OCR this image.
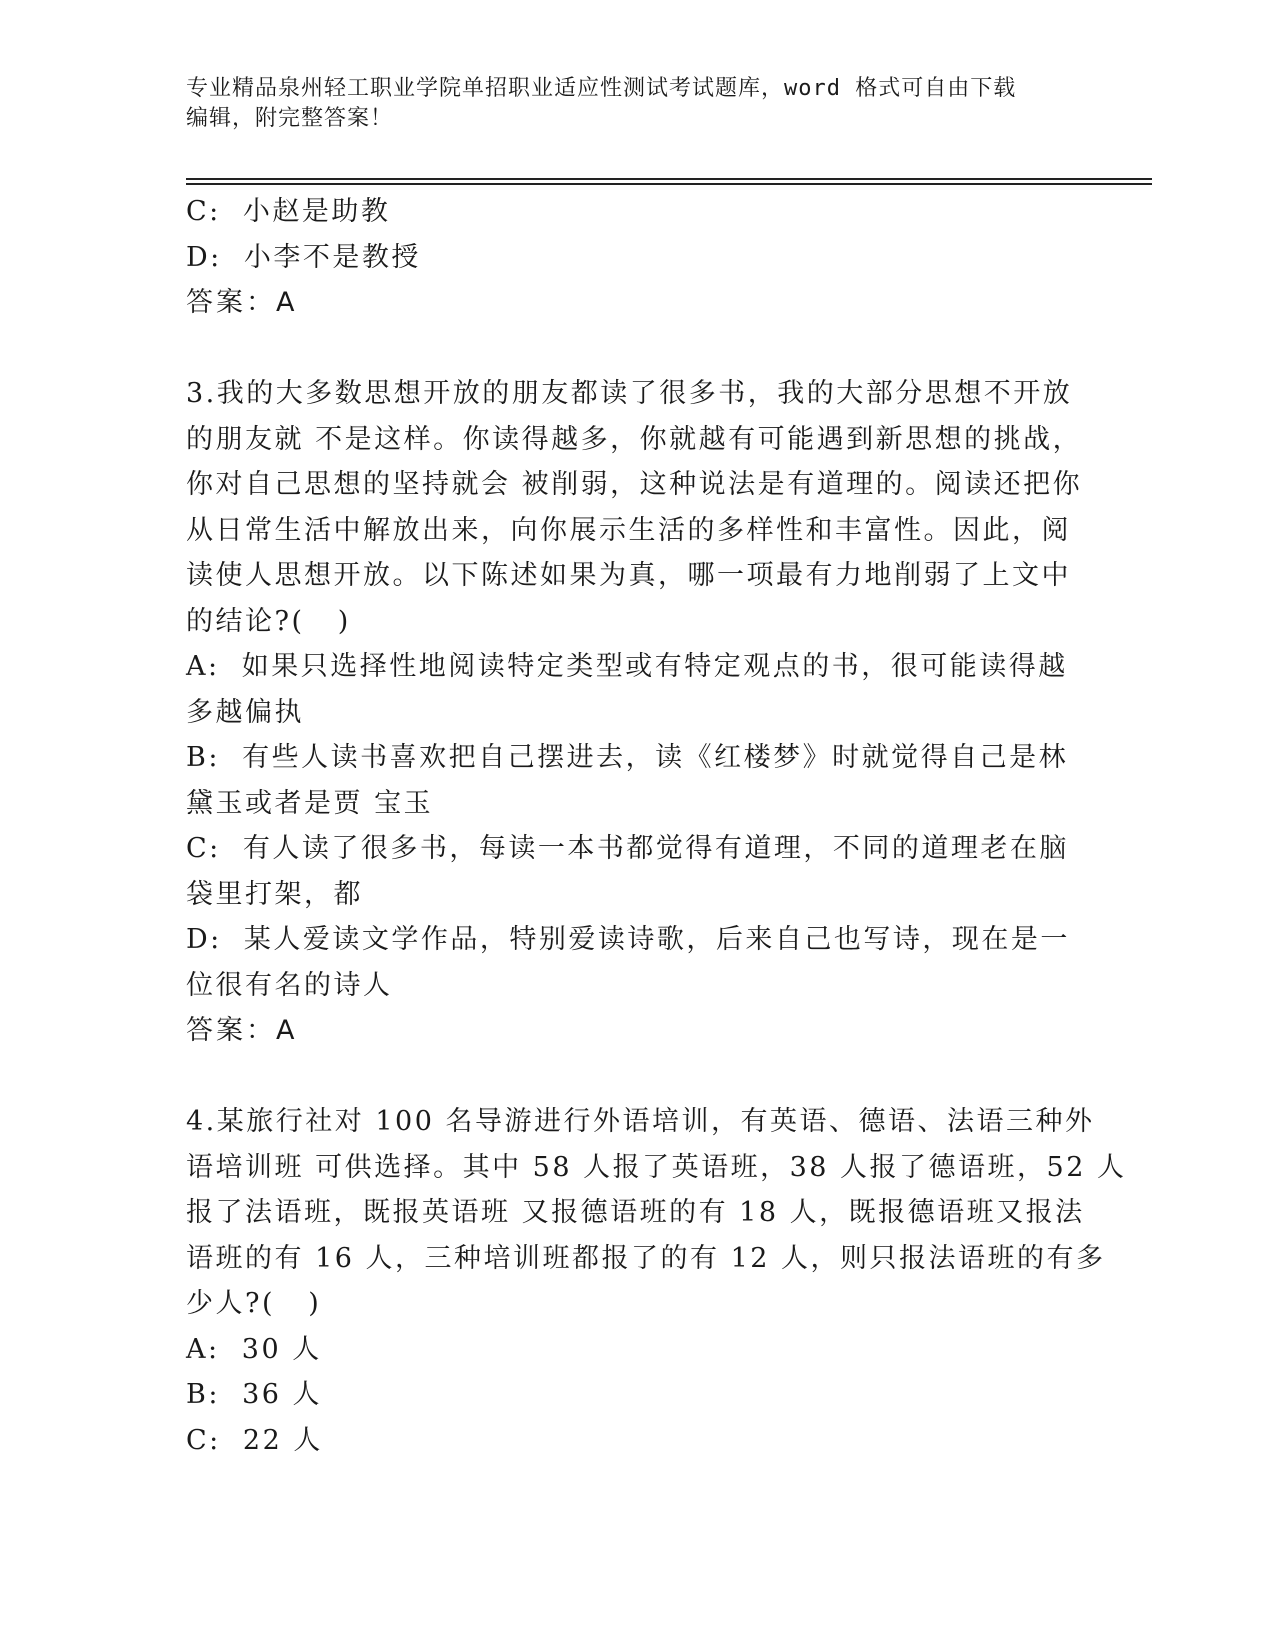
专业精品泉州轻工职业学院单招职业适应性测试考试题库，word 格式可自由下载
编辑，附完整答案！
C:  小赵是助教
D:  小李不是教授
答案：A
3.我的大多数思想开放的朋友都读了很多书，我的大部分思想不开放
的朋友就 不是这样。你读得越多，你就越有可能遇到新思想的挑战，
你对自己思想的坚持就会 被削弱，这种说法是有道理的。阅读还把你
从日常生活中解放出来，向你展示生活的多样性和丰富性。因此，阅
读使人思想开放。以下陈述如果为真，哪一项最有力地削弱了上文中
的结论?(   )
A:  如果只选择性地阅读特定类型或有特定观点的书，很可能读得越
多越偏执
B:  有些人读书喜欢把自己摆进去，读《红楼梦》时就觉得自己是林
黛玉或者是贾 宝玉
C:  有人读了很多书，每读一本书都觉得有道理，不同的道理老在脑
袋里打架，都
D:  某人爱读文学作品，特别爱读诗歌，后来自己也写诗，现在是一
位很有名的诗人
答案：A
4.某旅行社对 100 名导游进行外语培训，有英语、德语、法语三种外
语培训班 可供选择。其中 58 人报了英语班，38 人报了德语班，52 人
报了法语班，既报英语班 又报德语班的有 18 人，既报德语班又报法
语班的有 16 人，三种培训班都报了的有 12 人，则只报法语班的有多
少人?(   )
A:  30 人
B:  36 人
C:  22 人
